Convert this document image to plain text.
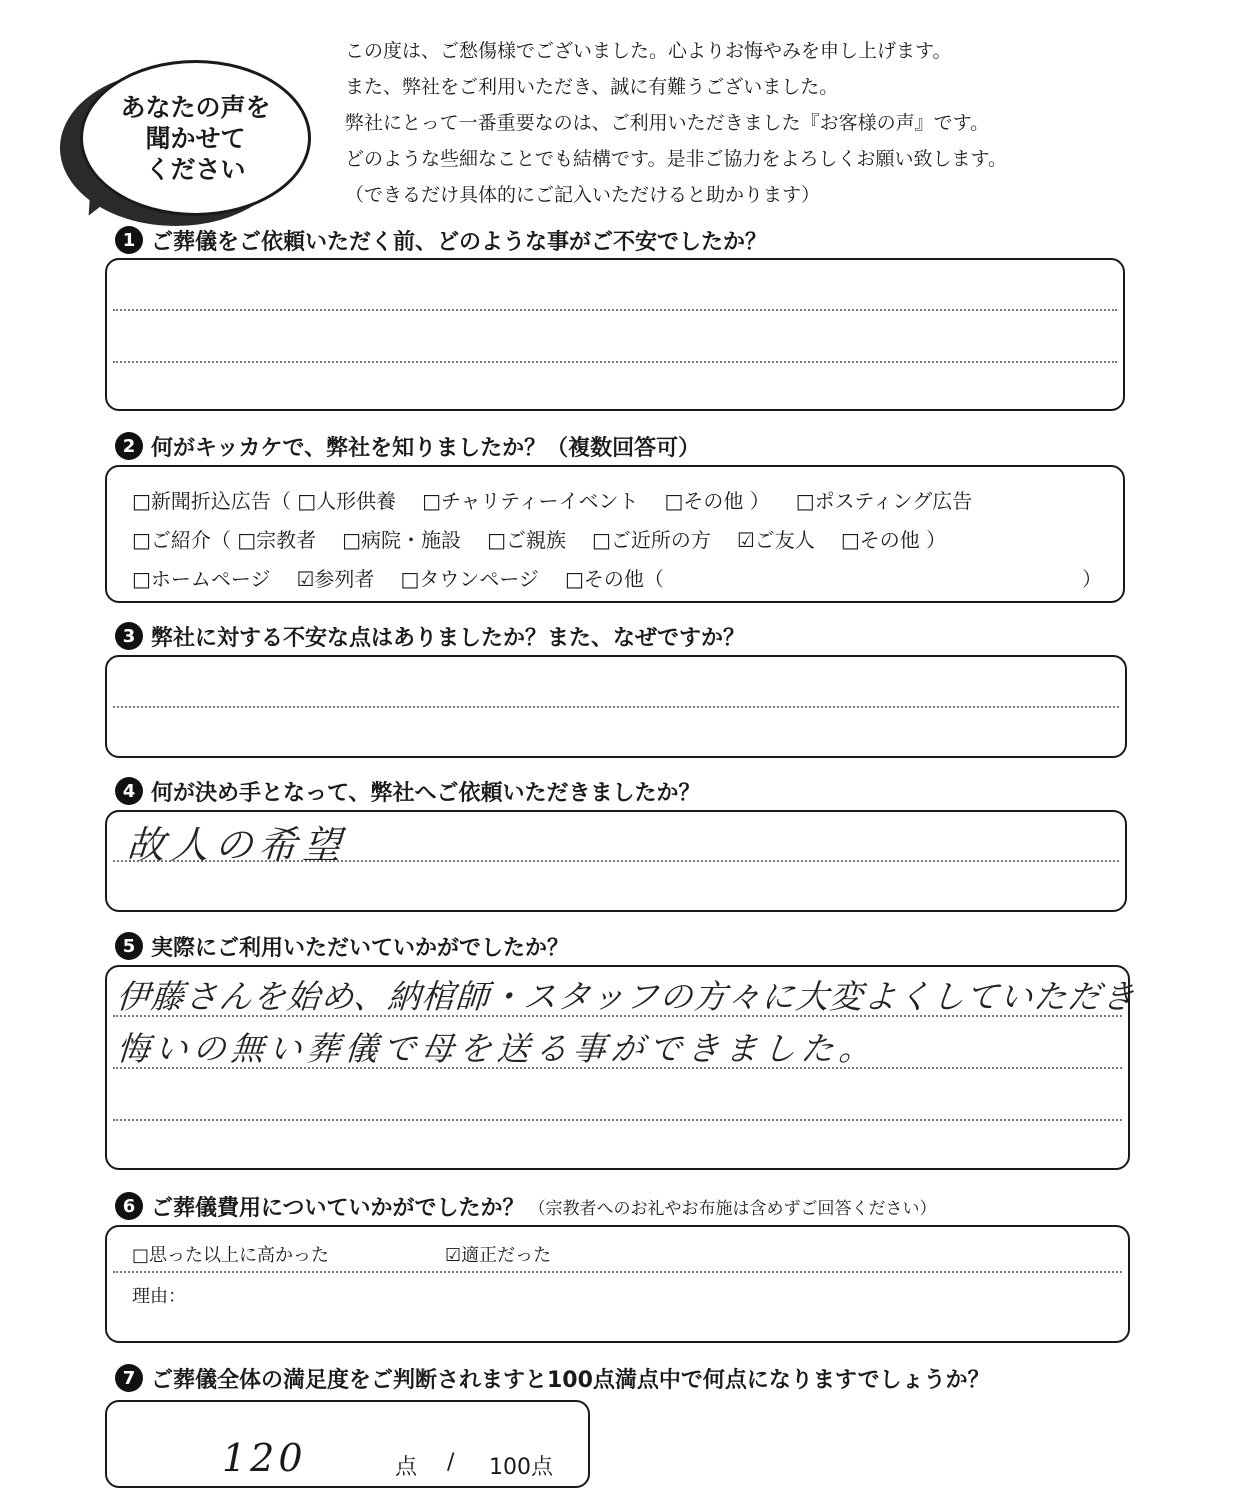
あなたの声を
聞かせて
ください

この度は、ご愁傷様でございました。心よりお悔やみを申し上げます。

また、弊社をご利用いただき、誠に有難うございました。

弊社にとって一番重要なのは、ご利用いただきました『お客様の声』です。

どのような些細なことでも結構です。是非ご協力をよろしくお願い致します。

（できるだけ具体的にご記入いただけると助かります）

1 ご葬儀をご依頼いただく前、どのような事がご不安でしたか？
2 何がキッカケで、弊社を知りましたか？（複数回答可）
□新聞折込広告（ □人形供養 □チャリティーイベント □その他 ） □ポスティング広告
□ご紹介（ □宗教者 □病院・施設 □ご親族 □ご近所の方 ☑ご友人 □その他 ）
□ホームページ ☑参列者 □タウンページ □その他（	）
3 弊社に対する不安な点はありましたか？また、なぜですか？
4 何が決め手となって、弊社へご依頼いただきましたか？
故人の希望
5 実際にご利用いただいていかがでしたか？
伊藤さんを始め、納棺師・スタッフの方々に大変よくしていただき
悔いの無い葬儀で母を送る事ができました。
6 ご葬儀費用についていかがでしたか？ （宗教者へのお礼やお布施は含めずご回答ください）
□思った以上に高かった	☑適正だった
理由：
7 ご葬儀全体の満足度をご判断されますと100点満点中で何点になりますでしょうか？
120	点 / 100点
